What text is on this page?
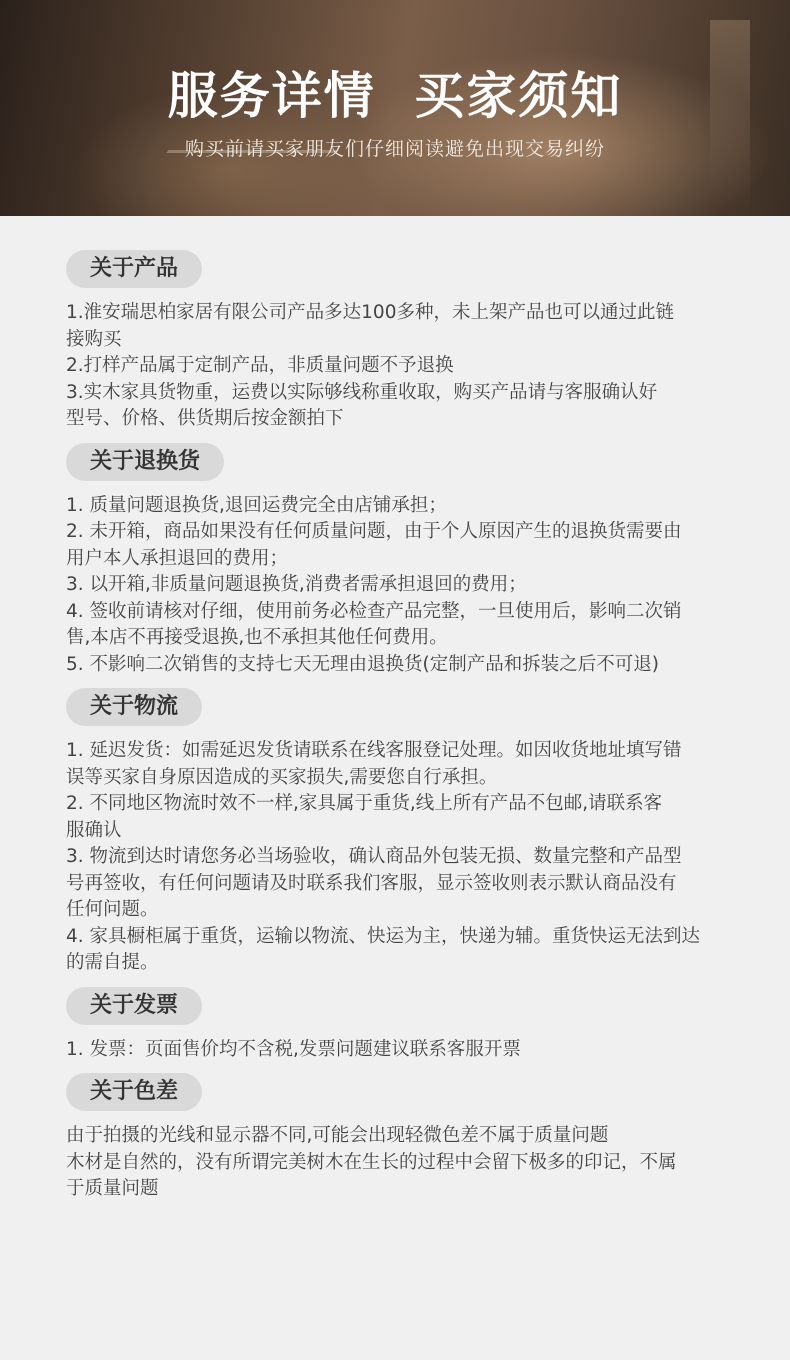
服务详情  买家须知
购买前请买家朋友们仔细阅读避免出现交易纠纷
关于产品
1.淮安瑞思柏家居有限公司产品多达100多种，未上架产品也可以通过此链
接购买
2.打样产品属于定制产品，非质量问题不予退换
3.实木家具货物重，运费以实际够线称重收取，购买产品请与客服确认好
型号、价格、供货期后按金额拍下
关于退换货
1. 质量问题退换货,退回运费完全由店铺承担；
2. 未开箱，商品如果没有任何质量问题，由于个人原因产生的退换货需要由
用户本人承担退回的费用；
3. 以开箱,非质量问题退换货,消费者需承担退回的费用；
4. 签收前请核对仔细，使用前务必检查产品完整，一旦使用后，影响二次销
售,本店不再接受退换,也不承担其他任何费用。
5. 不影响二次销售的支持七天无理由退换货(定制产品和拆装之后不可退)
关于物流
1. 延迟发货：如需延迟发货请联系在线客服登记处理。如因收货地址填写错
误等买家自身原因造成的买家损失,需要您自行承担。
2. 不同地区物流时效不一样,家具属于重货,线上所有产品不包邮,请联系客
服确认
3. 物流到达时请您务必当场验收，确认商品外包装无损、数量完整和产品型
号再签收，有任何问题请及时联系我们客服，显示签收则表示默认商品没有
任何问题。
4. 家具橱柜属于重货，运输以物流、快运为主，快递为辅。重货快运无法到达
的需自提。
关于发票
1. 发票：页面售价均不含税,发票问题建议联系客服开票
关于色差
由于拍摄的光线和显示器不同,可能会出现轻微色差不属于质量问题
木材是自然的，没有所谓完美树木在生长的过程中会留下极多的印记，不属
于质量问题
